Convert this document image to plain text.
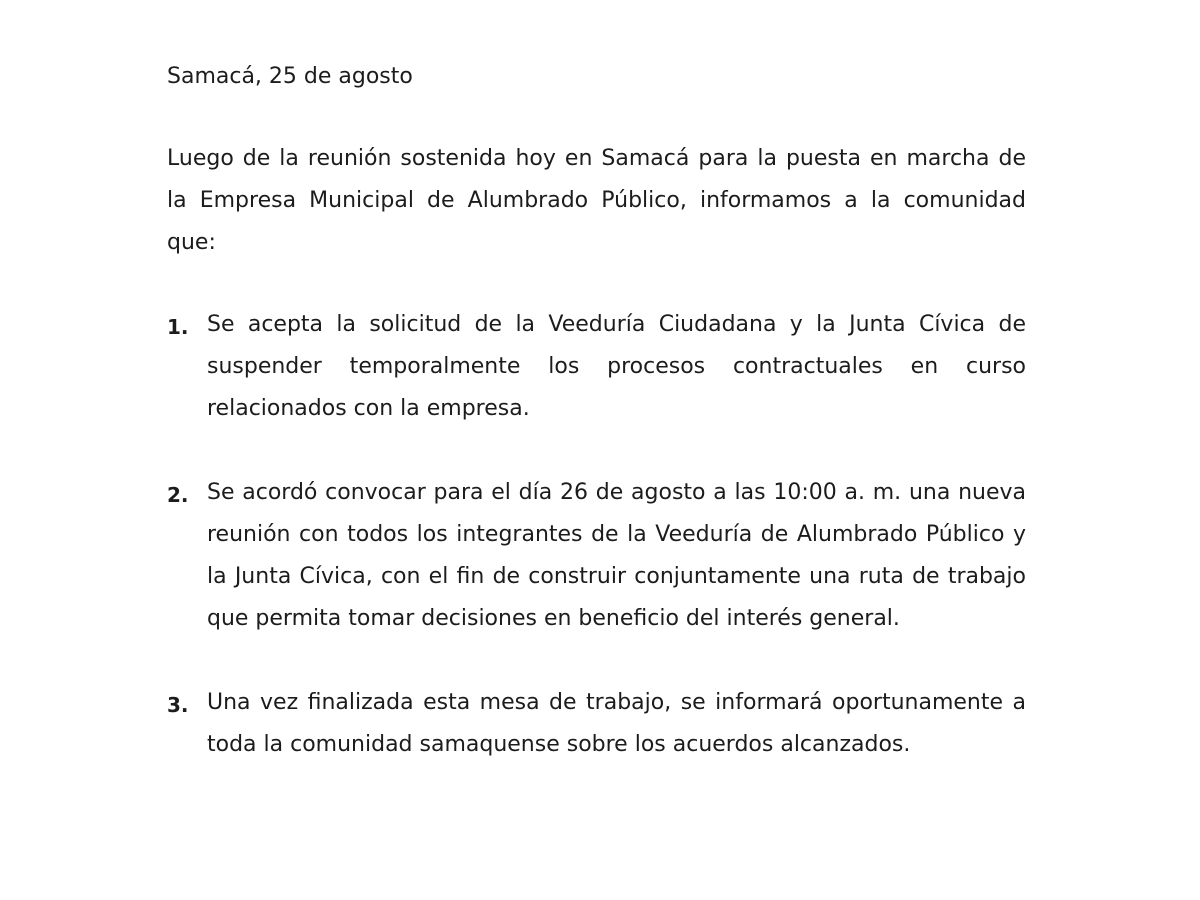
Samacá, 25 de agosto

Luego de la reunión sostenida hoy en Samacá para la puesta en marcha de la Empresa Municipal de Alumbrado Público, informamos a la comunidad que:

1. Se acepta la solicitud de la Veeduría Ciudadana y la Junta Cívica de suspender temporalmente los procesos contractuales en curso relacionados con la empresa.

2. Se acordó convocar para el día 26 de agosto a las 10:00 a. m. una nueva reunión con todos los integrantes de la Veeduría de Alumbrado Público y la Junta Cívica, con el fin de construir conjuntamente una ruta de trabajo que permita tomar decisiones en beneficio del interés general.

3. Una vez finalizada esta mesa de trabajo, se informará oportunamente a toda la comunidad samaquense sobre los acuerdos alcanzados.
